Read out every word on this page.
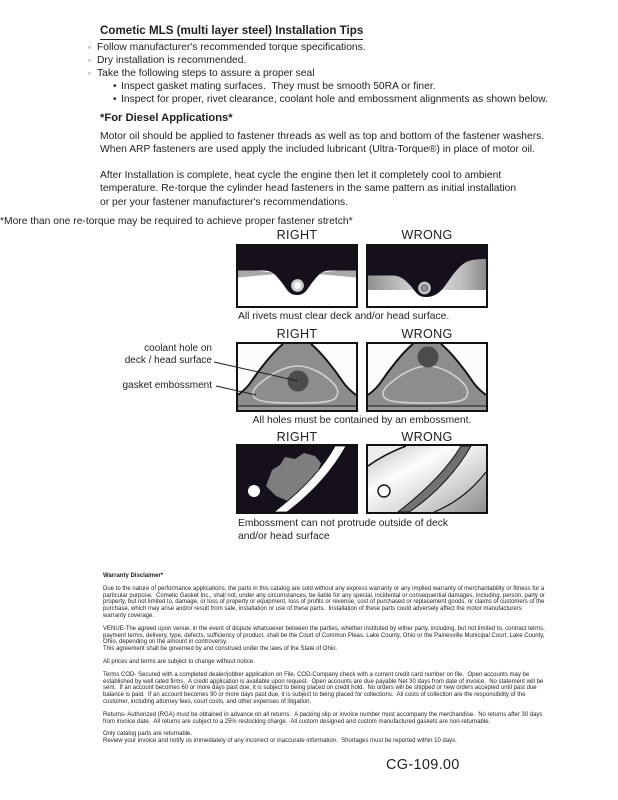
Cometic MLS (multi layer steel) Installation Tips
◦ Follow manufacturer's recommended torque specifications.
◦ Dry installation is recommended.
◦ Take the following steps to assure a proper seal
• Inspect gasket mating surfaces.  They must be smooth 50RA or finer.
• Inspect for proper, rivet clearance, coolant hole and embossment alignments as shown below.
*For Diesel Applications*
Motor oil should be applied to fastener threads as well as top and bottom of the fastener washers.
When ARP fasteners are used apply the included lubricant (Ultra-Torque®) in place of motor oil.
After Installation is complete, heat cycle the engine then let it completely cool to ambient
temperature. Re-torque the cylinder head fasteners in the same pattern as initial installation
or per your fastener manufacturer's recommendations.
*More than one re-torque may be required to achieve proper fastener stretch*
RIGHT	WRONG
All rivets must clear deck and/or head surface.
RIGHT	WRONG
All holes must be contained by an embossment.
coolant hole on
deck / head surface
gasket embossment
RIGHT	WRONG
Embossment can not protrude outside of deck
and/or head surface

Warranty Disclaimer*

Due to the nature of performance applications, the parts in this catalog are sold without any express warranty or any implied warranty of merchantability or fitness for a particular purpose.  Cometic Gasket Inc., shall not, under any circumstances, be liable for any special, incidental or consequential damages, including, person, party or property, but not limited to, damage, or loss of property or equipment, loss of profits or revenue, cost of purchased or replacement goods, or claims of customers of the purchase, which may arise and/or result from sale, installation or use of these parts.  Installation of these parts could adversely affect the motor manufacturers warranty coverage.

VENUE-The agreed upon venue, in the event of dispute whatsoever between the parties, whether instituted by either party, including, but not limited to, contract terms, payment terms, delivery, type, defects, sufficiency of product, shall be the Court of Common Pleas, Lake County, Ohio or the Painesville Municipal Court, Lake County, Ohio, depending on the amount in controversy.

This agreement shall be governed by and construed under the laws of the State of Ohio.

All prices and terms are subject to change without notice.

Terms COD- Secured with a completed dealer/jobber application on File, COD-Company check with a current credit card number on file.  Open accounts may be established by well rated firms.  A credit application is available upon request.  Open accounts are due payable Net 30 days from date of invoice.  No statement will be sent.  If an account becomes 60 or more days past due, it is subject to being placed on credit hold.  No orders will be shipped or new orders accepted until past due balance is paid.  If an account becomes 90 or more days past due, it is subject to being placed for collections.  All costs of collection are the responsibility of the customer, including attorney fees, court costs, and other expenses of litigation.

Returns- Authorized (RGA) must be obtained in advance on all returns.  A packing slip or invoice number must accompany the merchandise.  No returns after 30 days from invoice date.  All returns are subject to a 25% restocking charge.  All custom designed and custom manufactured gaskets are non-returnable.

Only catalog parts are returnable.

Review your invoice and notify us immediately of any incorrect or inaccurate information.  Shortages must be reported within 10 days.

CG-109.00
